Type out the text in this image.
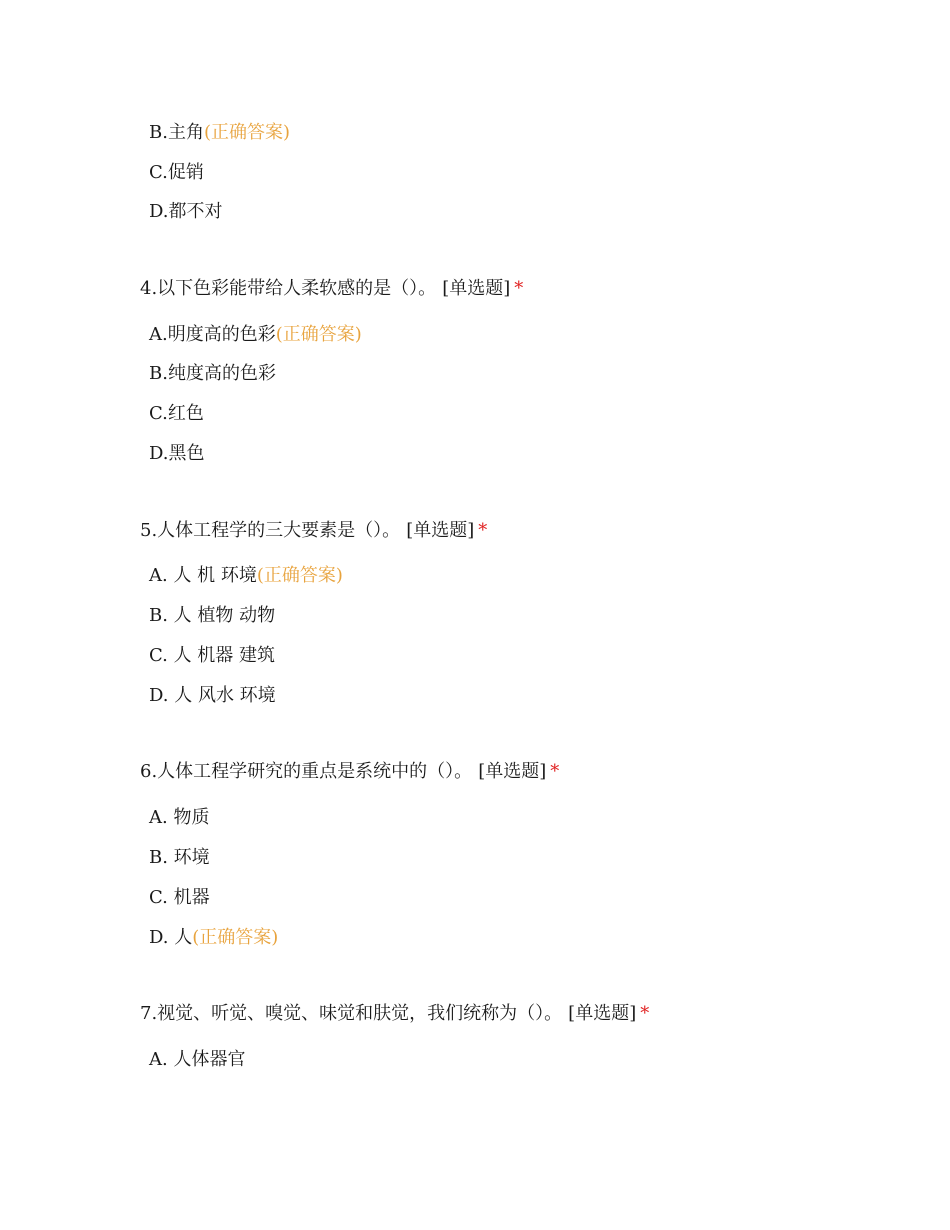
B.主角(正确答案)
C.促销
D.都不对
4.以下色彩能带给人柔软感的是（）。 [单选题] *
A.明度高的色彩(正确答案)
B.纯度高的色彩
C.红色
D.黑色
5.人体工程学的三大要素是（）。 [单选题] *
A. 人 机 环境(正确答案)
B. 人 植物 动物
C. 人 机器 建筑
D. 人 风水 环境
6.人体工程学研究的重点是系统中的（）。 [单选题] *
A. 物质
B. 环境
C. 机器
D. 人(正确答案)
7.视觉、听觉、嗅觉、味觉和肤觉，我们统称为（）。 [单选题] *
A. 人体器官
